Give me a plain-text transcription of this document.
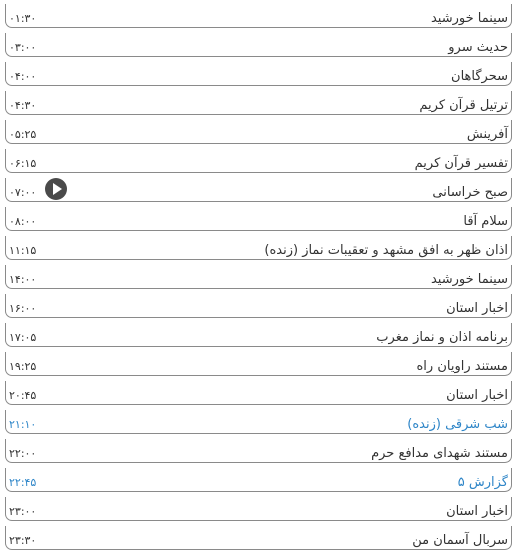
سینما خورشید
۰۱:۳۰
حدیث سرو
۰۳:۰۰
سحرگاهان
۰۴:۰۰
ترتیل قرآن کریم
۰۴:۳۰
آفرینش
۰۵:۲۵
تفسیر قرآن کریم
۰۶:۱۵
صبح خراسانی
۰۷:۰۰
سلام آقا
۰۸:۰۰
اذان ظهر به افق مشهد و تعقیبات نماز (زنده)
۱۱:۱۵
سینما خورشید
۱۴:۰۰
اخبار استان
۱۶:۰۰
برنامه اذان و نماز مغرب
۱۷:۰۵
مستند راویان راه
۱۹:۲۵
اخبار استان
۲۰:۴۵
شب شرقی (زنده)
۲۱:۱۰
مستند شهدای مدافع حرم
۲۲:۰۰
گزارش ۵
۲۲:۴۵
اخبار استان
۲۳:۰۰
سربال آسمان من
۲۳:۳۰
